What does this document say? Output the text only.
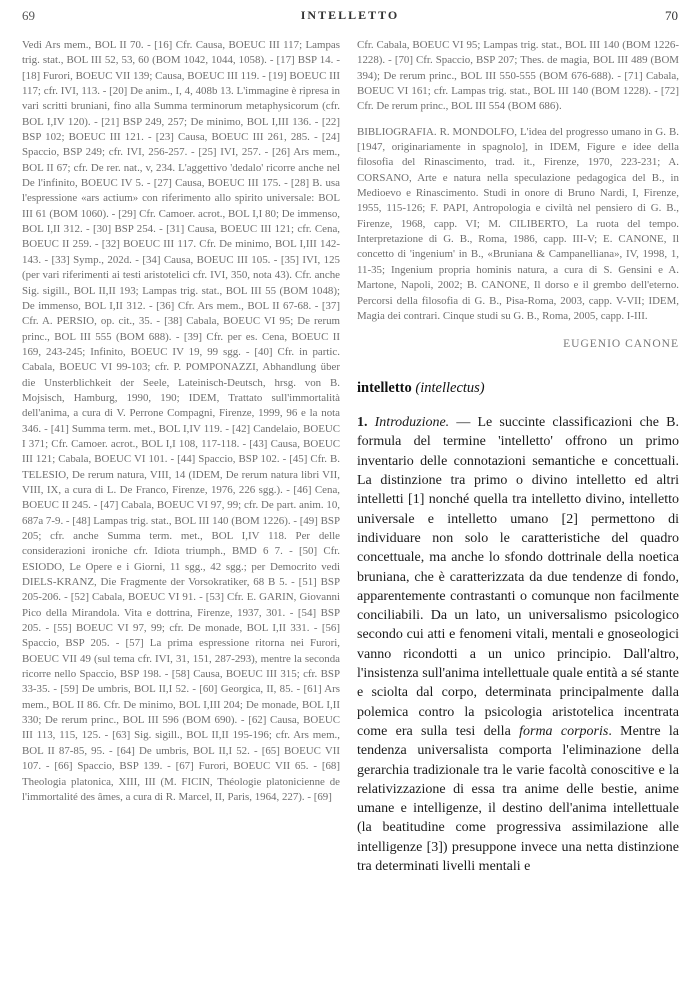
69	INTELLETTO	70

Vedi Ars mem., BOL II 70. - [16] Cfr. Causa, BOEUC III 117; Lampas trig. stat., BOL III 52, 53, 60 (BOM 1042, 1044, 1058). - [17] BSP 14. - [18] Furori, BOEUC VII 139; Causa, BOEUC III 119. - [19] BOEUC III 117; cfr. IVI, 113. - [20] De anim., I, 4, 408b 13. L'immagine è ripresa in vari scritti bruniani, fino alla Summa terminorum metaphysicorum (cfr. BOL I,IV 120). - [21] BSP 249, 257; De minimo, BOL I,III 136. - [22] BSP 102; BOEUC III 121. - [23] Causa, BOEUC III 261, 285. - [24] Spaccio, BSP 249; cfr. IVI, 256-257. - [25] IVI, 257. - [26] Ars mem., BOL II 67; cfr. De rer. nat., v, 234. L'aggettivo 'dedalo' ricorre anche nel De l'infinito, BOEUC IV 5. - [27] Causa, BOEUC III 175. - [28] B. usa l'espressione «ars actium» con riferimento allo spirito universale: BOL III 61 (BOM 1060). - [29] Cfr. Camoer. acrot., BOL I,I 80; De immenso, BOL I,II 312. - [30] BSP 254. - [31] Causa, BOEUC III 121; cfr. Cena, BOEUC II 259. - [32] BOEUC III 117. Cfr. De minimo, BOL I,III 142-143. - [33] Symp., 202d. - [34] Causa, BOEUC III 105. - [35] IVI, 125 (per vari riferimenti ai testi aristotelici cfr. IVI, 350, nota 43). Cfr. anche Sig. sigill., BOL II,II 193; Lampas trig. stat., BOL III 55 (BOM 1048); De immenso, BOL I,II 312. - [36] Cfr. Ars mem., BOL II 67-68. - [37] Cfr. A. PERSIO, op. cit., 35. - [38] Cabala, BOEUC VI 95; De rerum princ., BOL III 555 (BOM 688). - [39] Cfr. per es. Cena, BOEUC II 169, 243-245; Infinito, BOEUC IV 19, 99 sgg. - [40] Cfr. in partic. Cabala, BOEUC VI 99-103; cfr. P. POMPONAZZI, Abhandlung über die Unsterblichkeit der Seele, Lateinisch-Deutsch, hrsg. von B. Mojsisch, Hamburg, 1990, 190; IDEM, Trattato sull'immortalità dell'anima, a cura di V. Perrone Compagni, Firenze, 1999, 96 e la nota 346. - [41] Summa term. met., BOL I,IV 119. - [42] Candelaio, BOEUC I 371; Cfr. Camoer. acrot., BOL I,I 108, 117-118. - [43] Causa, BOEUC III 121; Cabala, BOEUC VI 101. - [44] Spaccio, BSP 102. - [45] Cfr. B. TELESIO, De rerum natura, VIII, 14 (IDEM, De rerum natura libri VII, VIII, IX, a cura di L. De Franco, Firenze, 1976, 226 sgg.). - [46] Cena, BOEUC II 245. - [47] Cabala, BOEUC VI 97, 99; cfr. De part. anim. 10, 687a 7-9. - [48] Lampas trig. stat., BOL III 140 (BOM 1226). - [49] BSP 205; cfr. anche Summa term. met., BOL I,IV 118. Per delle considerazioni ironiche cfr. Idiota triumph., BMD 6 7. - [50] Cfr. ESIODO, Le Opere e i Giorni, 11 sgg., 42 sgg.; per Democrito vedi DIELS-KRANZ, Die Fragmente der Vorsokratiker, 68 B 5. - [51] BSP 205-206. - [52] Cabala, BOEUC VI 91. - [53] Cfr. E. GARIN, Giovanni Pico della Mirandola. Vita e dottrina, Firenze, 1937, 301. - [54] BSP 205. - [55] BOEUC VI 97, 99; cfr. De monade, BOL I,II 331. - [56] Spaccio, BSP 205. - [57] La prima espressione ritorna nei Furori, BOEUC VII 49 (sul tema cfr. IVI, 31, 151, 287-293), mentre la seconda ricorre nello Spaccio, BSP 198. - [58] Causa, BOEUC III 315; cfr. BSP 33-35. - [59] De umbris, BOL II,I 52. - [60] Georgica, II, 85. - [61] Ars mem., BOL II 86. Cfr. De minimo, BOL I,III 204; De monade, BOL I,II 330; De rerum princ., BOL III 596 (BOM 690). - [62] Causa, BOEUC III 113, 115, 125. - [63] Sig. sigill., BOL II,II 195-196; cfr. Ars mem., BOL II 87-85, 95. - [64] De umbris, BOL II,I 52. - [65] BOEUC VII 107. - [66] Spaccio, BSP 139. - [67] Furori, BOEUC VII 65. - [68] Theologia platonica, XIII, III (M. FICIN, Théologie platonicienne de l'immortalité des âmes, a cura di R. Marcel, II, Paris, 1964, 227). - [69]

Cfr. Cabala, BOEUC VI 95; Lampas trig. stat., BOL III 140 (BOM 1226-1228). - [70] Cfr. Spaccio, BSP 207; Thes. de magia, BOL III 489 (BOM 394); De rerum princ., BOL III 550-555 (BOM 676-688). - [71] Cabala, BOEUC VI 161; cfr. Lampas trig. stat., BOL III 140 (BOM 1228). - [72] Cfr. De rerum princ., BOL III 554 (BOM 686).

BIBLIOGRAFIA. R. MONDOLFO, L'idea del progresso umano in G. B. [1947, originariamente in spagnolo], in IDEM, Figure e idee della filosofia del Rinascimento, trad. it., Firenze, 1970, 223-231; A. CORSANO, Arte e natura nella speculazione pedagogica del B., in Medioevo e Rinascimento. Studi in onore di Bruno Nardi, I, Firenze, 1955, 115-126; F. PAPI, Antropologia e civiltà nel pensiero di G. B., Firenze, 1968, capp. VI; M. CILIBERTO, La ruota del tempo. Interpretazione di G. B., Roma, 1986, capp. III-V; E. CANONE, Il concetto di 'ingenium' in B., «Bruniana & Campanelliana», IV, 1998, 1, 11-35; Ingenium propria hominis natura, a cura di S. Gensini e A. Martone, Napoli, 2002; B. CANONE, Il dorso e il grembo dell'eterno. Percorsi della filosofia di G. B., Pisa-Roma, 2003, capp. V-VII; IDEM, Magia dei contrari. Cinque studi su G. B., Roma, 2005, capp. I-III.

EUGENIO CANONE

intelletto (intellectus)

1. Introduzione. — Le succinte classificazioni che B. formula del termine 'intelletto' offrono un primo inventario delle connotazioni semantiche e concettuali. La distinzione tra primo o divino intelletto ed altri intelletti [1] nonché quella tra intelletto divino, intelletto universale e intelletto umano [2] permettono di individuare non solo le caratteristiche del quadro concettuale, ma anche lo sfondo dottrinale della noetica bruniana, che è caratterizzata da due tendenze di fondo, apparentemente contrastanti o comunque non facilmente conciliabili. Da un lato, un universalismo psicologico secondo cui atti e fenomeni vitali, mentali e gnoseologici vanno ricondotti a un unico principio. Dall'altro, l'insistenza sull'anima intellettuale quale entità a sé stante e sciolta dal corpo, determinata principalmente dalla polemica contro la psicologia aristotelica incentrata come era sulla tesi della forma corporis. Mentre la tendenza universalista comporta l'eliminazione della gerarchia tradizionale tra le varie facoltà conoscitive e la relativizzazione di essa tra anime delle bestie, anime umane e intelligenze, il destino dell'anima intellettuale (la beatitudine come progressiva assimilazione alle intelligenze [3]) presuppone invece una netta distinzione tra determinati livelli mentali e
